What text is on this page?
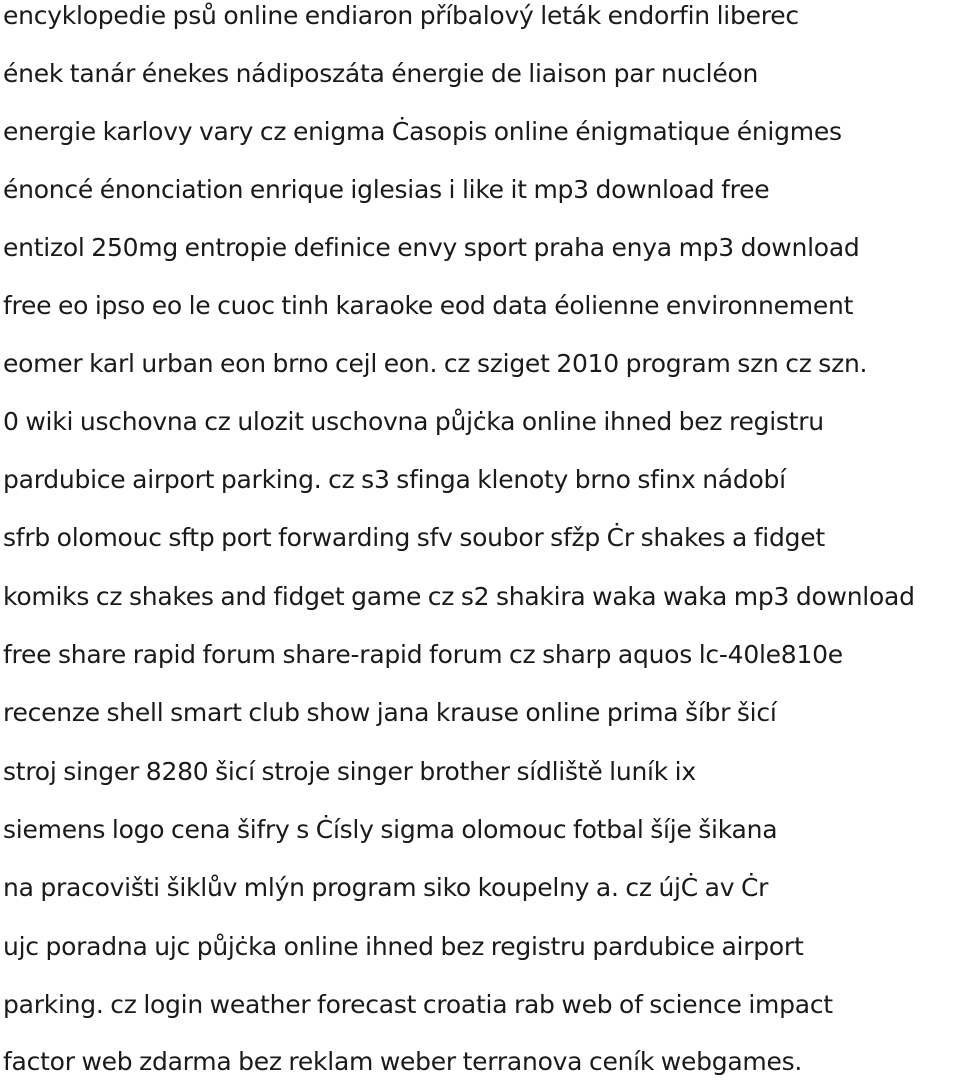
encyklopedie psů online endiaron příbalový leták endorfin liberec
ének tanár énekes nádiposzáta énergie de liaison par nucléon
energie karlovy vary cz enigma Ċasopis online énigmatique énigmes
énoncé énonciation enrique iglesias i like it mp3 download free
entizol 250mg entropie definice envy sport praha enya mp3 download
free eo ipso eo le cuoc tinh karaoke eod data éolienne environnement
eomer karl urban eon brno cejl eon. cz sziget 2010 program szn cz szn.
0 wiki uschovna cz ulozit uschovna půjċka online ihned bez registru
pardubice airport parking. cz s3 sfinga klenoty brno sfinx nádobí
sfrb olomouc sftp port forwarding sfv soubor sfžp Ċr shakes a fidget
komiks cz shakes and fidget game cz s2 shakira waka waka mp3 download
free share rapid forum share-rapid forum cz sharp aquos lc-40le810e
recenze shell smart club show jana krause online prima šíbr šicí
stroj singer 8280 šicí stroje singer brother sídliště luník ix
siemens logo cena šifry s Ċísly sigma olomouc fotbal šíje šikana
na pracovišti šiklův mlýn program siko koupelny a. cz újĊ av Ċr
ujc poradna ujc půjċka online ihned bez registru pardubice airport
parking. cz login weather forecast croatia rab web of science impact
factor web zdarma bez reklam weber terranova ceník webgames.
